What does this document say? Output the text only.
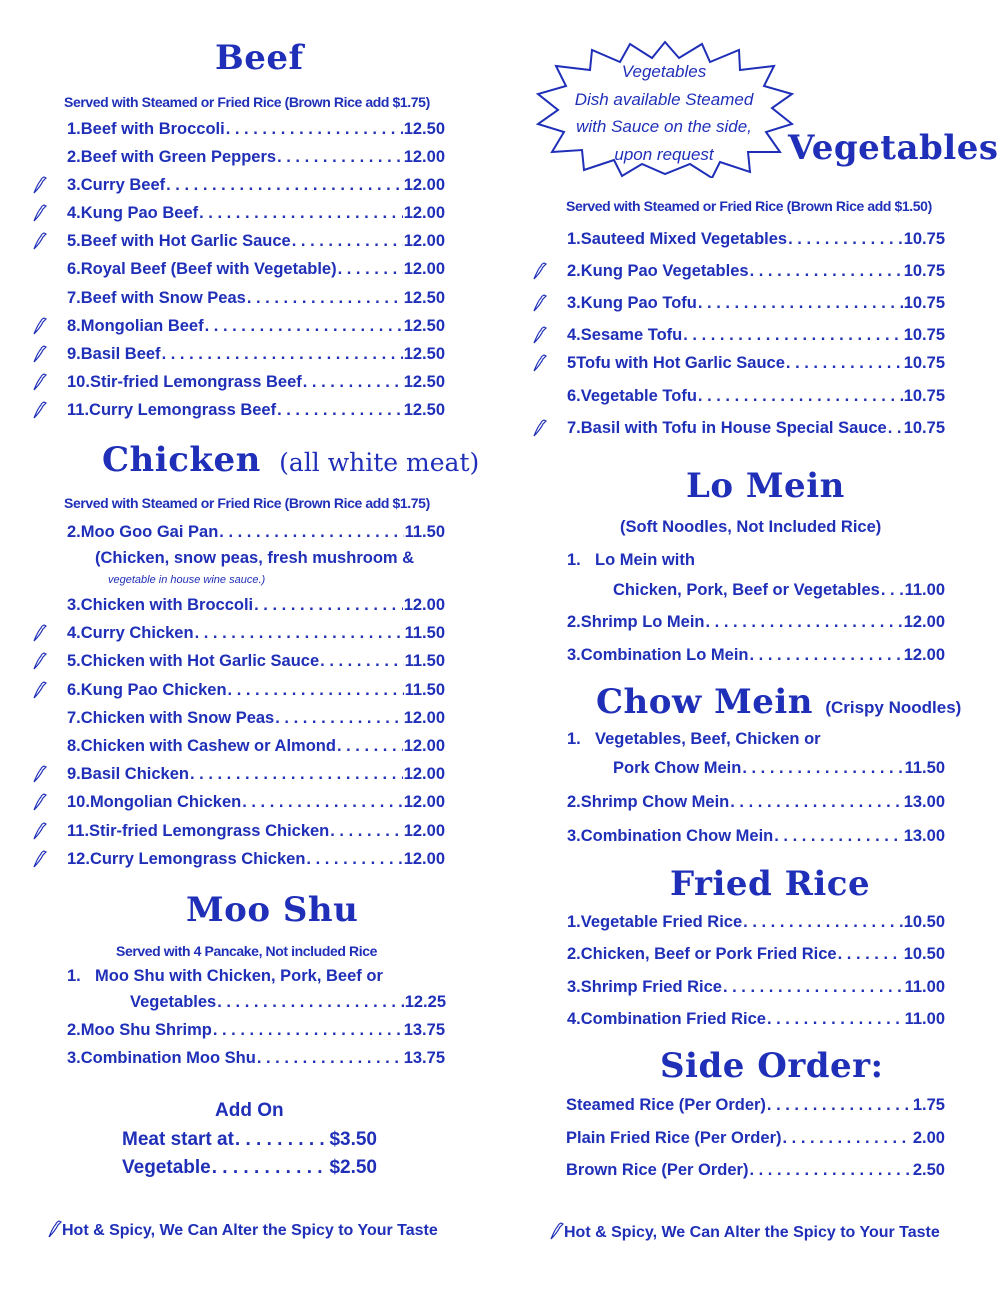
Beef
Served with Steamed or Fried Rice (Brown Rice add $1.75)
1. Beef with Broccoli . . .	12.50
2. Beef with Green Peppers . . .	12.00
3. Curry Beef . . .	12.00
4. Kung Pao Beef . . .	12.00
5. Beef with Hot Garlic Sauce . . .	12.00
6. Royal Beef (Beef with Vegetable) . . .	12.00
7. Beef with Snow Peas . . .	12.50
8. Mongolian Beef . . .	12.50
9. Basil Beef . . .	12.50
10. Stir-fried Lemongrass Beef . . .	12.50
11. Curry Lemongrass Beef . . .	12.50
Chicken (all white meat)
Served with Steamed or Fried Rice (Brown Rice add $1.75)
2. Moo Goo Gai Pan . . .	11.50
3. Chicken with Broccoli . . .	12.00
4. Curry Chicken . . .	11.50
5. Chicken with Hot Garlic Sauce . . .	11.50
6. Kung Pao Chicken . . .	11.50
7. Chicken with Snow Peas . . .	12.00
8. Chicken with Cashew or Almond . . .	12.00
9. Basil Chicken . . .	12.00
10. Mongolian Chicken . . .	12.00
11. Stir-fried Lemongrass Chicken . . .	12.00
12. Curry Lemongrass Chicken . . .	12.00
(Chicken, snow peas, fresh mushroom &
vegetable in house wine sauce.)
Moo Shu
Served with 4 Pancake, Not included Rice
1. Moo Shu with Chicken, Pork, Beef or
Vegetables . . .	12.25
2. Moo Shu Shrimp . . .	13.75
3. Combination Moo Shu . . .	13.75
Add On
Meat start at . . .	$3.50
Vegetable . . .	$2.50
Hot & Spicy, We Can Alter the Spicy to Your Taste
Vegetables
Dish available Steamed
with Sauce on the side,
upon request	Vegetables
Served with Steamed or Fried Rice (Brown Rice add $1.50)
1. Sauteed Mixed Vegetables . . .	10.75
2. Kung Pao Vegetables . . .	10.75
3. Kung Pao Tofu . . .	10.75
4. Sesame Tofu . . .	10.75
5 Tofu with Hot Garlic Sauce . . .	10.75
6. Vegetable Tofu . . .	10.75
7. Basil with Tofu in House Special Sauce . . . 10.75
Lo Mein
(Soft Noodles, Not Included Rice)
1. Lo Mein with
Chicken, Pork, Beef or Vegetables . . . 11.00
2. Shrimp Lo Mein . . .	12.00
3. Combination Lo Mein . . .	12.00
Chow Mein (Crispy Noodles)
1. Vegetables, Beef, Chicken or
Pork Chow Mein . . .	11.50
2. Shrimp Chow Mein . . .	13.00
3. Combination Chow Mein . . .	13.00
Fried Rice
1. Vegetable Fried Rice . . .	10.50
2. Chicken, Beef or Pork Fried Rice . . .	10.50
3. Shrimp Fried Rice . . .	11.00
4. Combination Fried Rice . . .	11.00
Side Order:
Steamed Rice (Per Order) . . .	1.75
Plain Fried Rice (Per Order) . . .	2.00
Brown Rice (Per Order) . . .	2.50
Hot & Spicy, We Can Alter the Spicy to Your Taste
